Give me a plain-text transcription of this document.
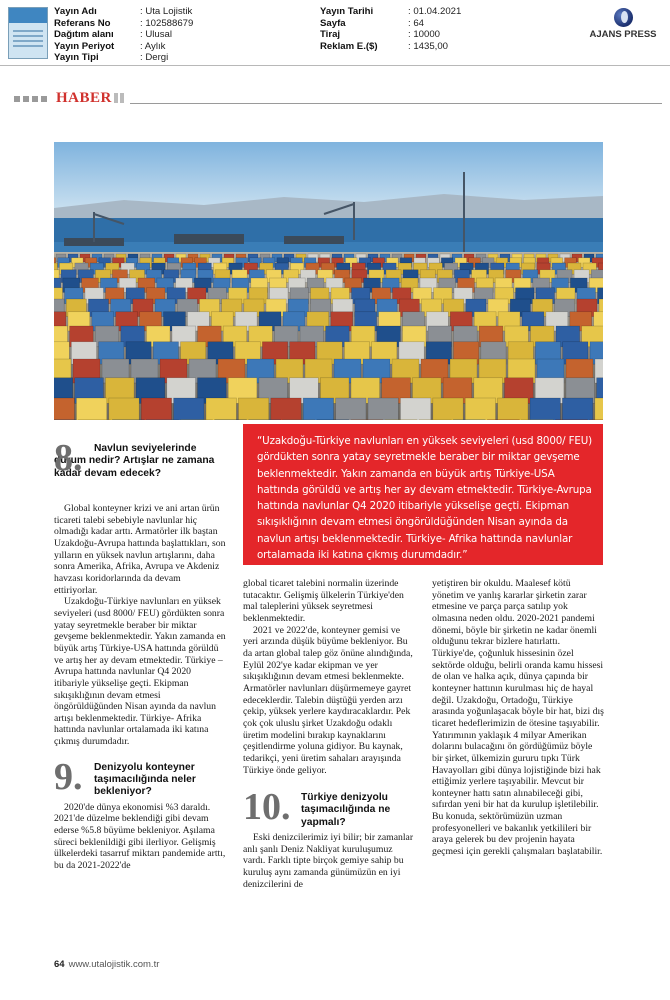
Yayın Adı	: Uta Lojistik
Referans No	: 102588679
Dağıtım alanı	: Ulusal
Yayın Periyot	: Aylık
Yayın Tipi	: Dergi
Yayın Tarihi	: 01.04.2021
Sayfa	: 64
Tiraj	: 10000
Reklam E.($)	: 1435,00
AJANS PRESS
HABER

“Uzakdoğu-Türkiye navlunları en yüksek seviyeleri (usd 8000/ FEU) gördükten sonra yatay seyretmekle beraber bir miktar gevşeme beklenmektedir. Yakın zamanda en büyük artış Türkiye-USA hattında görüldü ve artış her ay devam etmektedir. Türkiye-Avrupa hattında navlunlar Q4 2020 itibariyle yükselişe geçti. Ekipman sıkışıklığının devam etmesi öngörüldüğünden Nisan ayında da navlun artışı beklenmektedir. Türkiye- Afrika hattında navlunlar ortalamada iki katına çıkmış durumdadır.”

8.	Navlun seviyelerinde durum nedir? Artışlar ne zamana kadar devam edecek?

Global konteyner krizi ve ani artan ürün ticareti talebi sebebiyle navlunlar hiç olmadığı kadar arttı. Armatörler ilk baştan Uzakdoğu-Avrupa hattında başlattıkları, son yılların en yüksek navlun artışlarını, daha sonra Amerika, Afrika, Avrupa ve Akdeniz havzası koridorlarında da devam ettiriyorlar.

Uzakdoğu-Türkiye navlunları en yüksek seviyeleri (usd 8000/ FEU) gördükten sonra yatay seyretmekle beraber bir miktar gevşeme beklenmektedir. Yakın zamanda en büyük artış Türkiye-USA hattında görüldü ve artış her ay devam etmektedir. Türkiye –Avrupa hattında navlunlar Q4 2020 itibariyle yükselişe geçti. Ekipman sıkışıklığının devam etmesi öngörüldüğünden Nisan ayında da navlun artışı beklenmektedir. Türkiye- Afrika hattında navlunlar ortalamada iki katına çıkmış durumdadır.

9.	Denizyolu konteyner taşımacılığında neler bekleniyor?

2020'de dünya ekonomisi %3 daraldı. 2021'de düzelme beklendiği gibi devam ederse %5.8 büyüme bekleniyor. Aşılama süreci beklenildiği gibi ilerliyor. Gelişmiş ülkelerdeki tasarruf miktarı pandemide arttı, bu da 2021-2022'de

global ticaret talebini normalin üzerinde tutacaktır. Gelişmiş ülkelerin Türkiye'den mal taleplerini yüksek seyretmesi beklenmektedir.

2021 ve 2022'de, konteyner gemisi ve yeri arzında düşük büyüme bekleniyor. Bu da artan global talep göz önüne alındığında, Eylül 202'ye kadar ekipman ve yer sıkışıklığının devam etmesi beklenmekte. Armatörler navlunları düşürmemeye gayret edeceklerdir. Talebin düştüğü yerden arzı çekip, yüksek yerlere kaydıracaklardır. Pek çok çok uluslu şirket Uzakdoğu odaklı üretim modelini bırakıp kaynaklarını çeşitlendirme yoluna gidiyor. Bu kaynak, tedarikçi, yeni üretim sahaları arayışında Türkiye önde geliyor.

10.	Türkiye denizyolu taşımacılığında ne yapmalı?

Eski denizcilerimiz iyi bilir; bir zamanlar anlı şanlı Deniz Nakliyat kuruluşumuz vardı. Farklı tipte birçok gemiye sahip bu kuruluş aynı zamanda günümüzün en iyi denizcilerini de

yetiştiren bir okuldu. Maalesef kötü yönetim ve yanlış kararlar şirketin zarar etmesine ve parça parça satılıp yok olmasına neden oldu. 2020-2021 pandemi dönemi, böyle bir şirketin ne kadar önemli olduğunu tekrar bizlere hatırlattı. Türkiye'de, çoğunluk hissesinin özel sektörde olduğu, belirli oranda kamu hissesi de olan ve halka açık, dünya çapında bir konteyner hattının kurulması hiç de hayal değil. Uzakdoğu, Ortadoğu, Türkiye arasında yoğunlaşacak böyle bir hat, bizi dış ticaret hedeflerimizin de ötesine taşıyabilir. Yatırımının yaklaşık 4 milyar Amerikan dolarını bulacağını ön gördüğümüz böyle bir şirket, ülkemizin gururu tıpkı Türk Havayolları gibi dünya lojistiğinde bizi hak ettiğimiz yerlere taşıyabilir. Mevcut bir konteyner hattı satın alınabileceği gibi, sıfırdan yeni bir hat da kurulup işletilebilir. Bu konuda, sektörümüzün uzman profesyonelleri ve bakanlık yetkilileri bir araya gelerek bu dev projenin hayata geçmesi için gerekli çalışmaları başlatabilir.

64 www.utalojistik.com.tr
